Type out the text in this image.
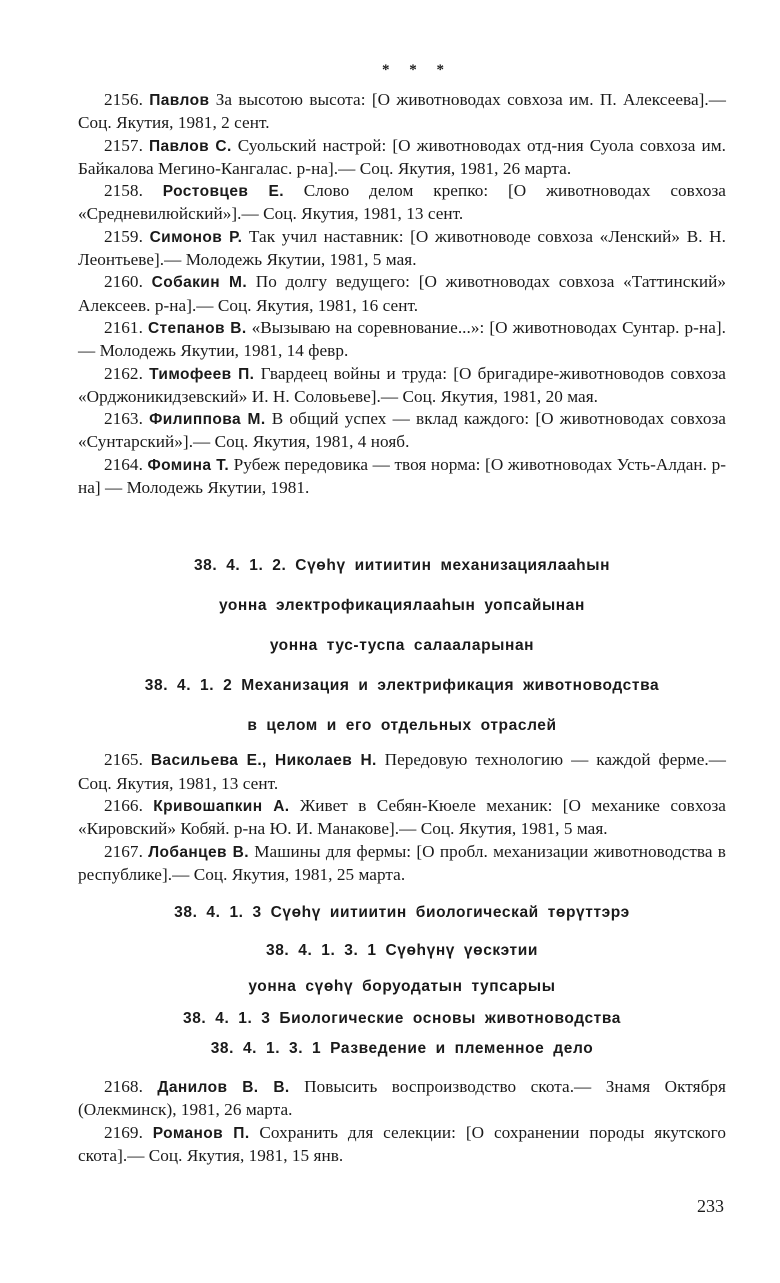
* * *

2156. Павлов За высотою высота: [О животноводах совхоза им. П. Алексеева].— Соц. Якутия, 1981, 2 сент.

2157. Павлов С. Суольский настрой: [О животноводах отд-ния Суола совхоза им. Байкалова Мегино-Кангалас. р-на].— Соц. Якутия, 1981, 26 марта.

2158. Ростовцев Е. Слово делом крепко: [О животноводах совхоза «Средневилюйский»].— Соц. Якутия, 1981, 13 сент.

2159. Симонов Р. Так учил наставник: [О животноводе совхоза «Ленский» В. Н. Леонтьеве].— Молодежь Якутии, 1981, 5 мая.

2160. Собакин М. По долгу ведущего: [О животноводах совхоза «Таттинский» Алексеев. р-на].— Соц. Якутия, 1981, 16 сент.

2161. Степанов В. «Вызываю на соревнование...»: [О животноводах Сунтар. р-на].— Молодежь Якутии, 1981, 14 февр.

2162. Тимофеев П. Гвардеец войны и труда: [О бригадире-животноводов совхоза «Орджоникидзевский» И. Н. Соловьеве].— Соц. Якутия, 1981, 20 мая.

2163. Филиппова М. В общий успех — вклад каждого: [О животноводах совхоза «Сунтарский»].— Соц. Якутия, 1981, 4 нояб.

2164. Фомина Т. Рубеж передовика — твоя норма: [О животноводах Усть-Алдан. р-на] — Молодежь Якутии, 1981.

38. 4. 1. 2. Сүөһү иитиитин механизациялааһын

уонна электрофикациялааһын уопсайынан

уонна тус-туспа салааларынан

38. 4. 1. 2 Механизация и электрификация животноводства

в целом и его отдельных отраслей

2165. Васильева Е., Николаев Н. Передовую технологию — каждой ферме.— Соц. Якутия, 1981, 13 сент.

2166. Кривошапкин А. Живет в Себян-Кюеле механик: [О механике совхоза «Кировский» Кобяй. р-на Ю. И. Манакове].— Соц. Якутия, 1981, 5 мая.

2167. Лобанцев В. Машины для фермы: [О пробл. механизации животноводства в республике].— Соц. Якутия, 1981, 25 марта.

38. 4. 1. 3 Сүөһү иитиитин биологическай төрүттэрэ

38. 4. 1. 3. 1 Сүөһүнү үөскэтии

уонна сүөһү боруодатын тупсарыы

38. 4. 1. 3 Биологические основы животноводства

38. 4. 1. 3. 1 Разведение и племенное дело

2168. Данилов В. В. Повысить воспроизводство скота.— Знамя Октября (Олекминск), 1981, 26 марта.

2169. Романов П. Сохранить для селекции: [О сохранении породы якутского скота].— Соц. Якутия, 1981, 15 янв.

233
